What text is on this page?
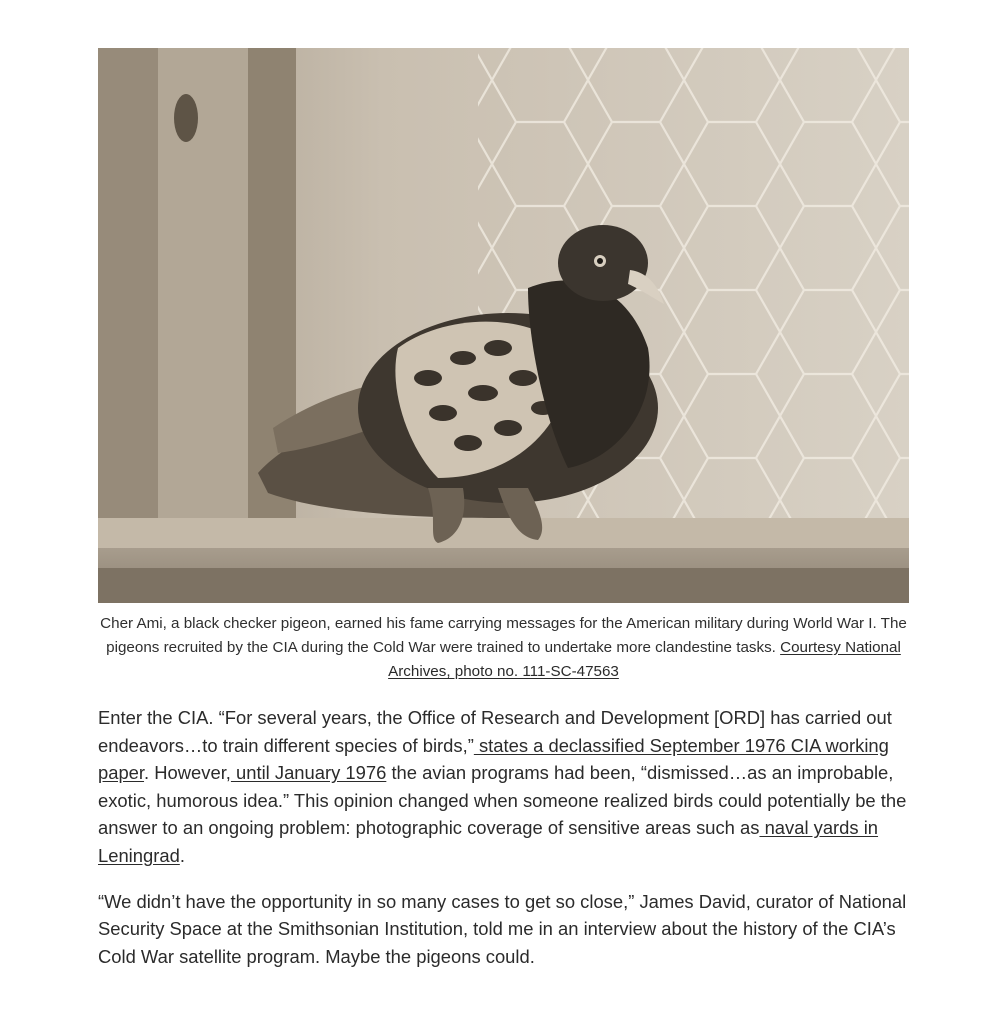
Cher Ami, a black checker pigeon, earned his fame carrying messages for the American military during World War I. The pigeons recruited by the CIA during the Cold War were trained to undertake more clandestine tasks. Courtesy National Archives, photo no. 111-SC-47563

Enter the CIA. “For several years, the Office of Research and Development [ORD] has carried out endeavors…to train different species of birds,” states a declassified September 1976 CIA working paper. However, until January 1976 the avian programs had been, “dismissed…as an improbable, exotic, humorous idea.” This opinion changed when someone realized birds could potentially be the answer to an ongoing problem: photographic coverage of sensitive areas such as naval yards in Leningrad.

“We didn’t have the opportunity in so many cases to get so close,” James David, curator of National Security Space at the Smithsonian Institution, told me in an interview about the history of the CIA’s Cold War satellite program. Maybe the pigeons could.
